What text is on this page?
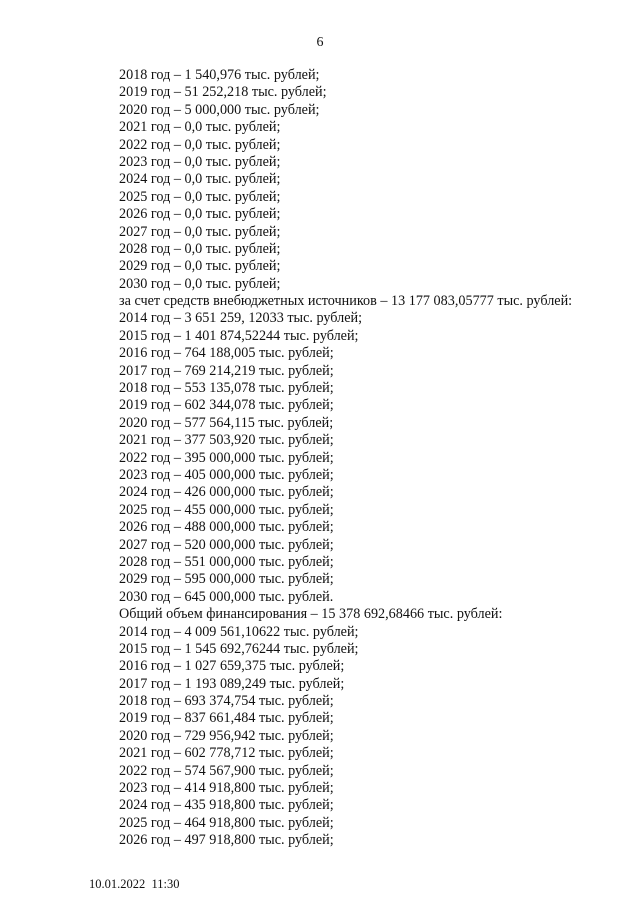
6
2018 год – 1 540,976 тыс. рублей;
2019 год – 51 252,218 тыс. рублей;
2020 год – 5 000,000 тыс. рублей;
2021 год – 0,0 тыс. рублей;
2022 год – 0,0 тыс. рублей;
2023 год – 0,0 тыс. рублей;
2024 год – 0,0 тыс. рублей;
2025 год – 0,0 тыс. рублей;
2026 год – 0,0 тыс. рублей;
2027 год – 0,0 тыс. рублей;
2028 год – 0,0 тыс. рублей;
2029 год – 0,0 тыс. рублей;
2030 год – 0,0 тыс. рублей;
за счет средств внебюджетных источников – 13 177 083,05777 тыс. рублей:
2014 год – 3 651 259, 12033 тыс. рублей;
2015 год – 1 401 874,52244 тыс. рублей;
2016 год – 764 188,005 тыс. рублей;
2017 год – 769 214,219 тыс. рублей;
2018 год – 553 135,078 тыс. рублей;
2019 год – 602 344,078 тыс. рублей;
2020 год – 577 564,115 тыс. рублей;
2021 год – 377 503,920 тыс. рублей;
2022 год – 395 000,000 тыс. рублей;
2023 год – 405 000,000 тыс. рублей;
2024 год – 426 000,000 тыс. рублей;
2025 год – 455 000,000 тыс. рублей;
2026 год – 488 000,000 тыс. рублей;
2027 год – 520 000,000 тыс. рублей;
2028 год – 551 000,000 тыс. рублей;
2029 год – 595 000,000 тыс. рублей;
2030 год – 645 000,000 тыс. рублей.
Общий объем финансирования – 15 378 692,68466 тыс. рублей:
2014 год – 4 009 561,10622 тыс. рублей;
2015 год – 1 545 692,76244 тыс. рублей;
2016 год – 1 027 659,375 тыс. рублей;
2017 год – 1 193 089,249 тыс. рублей;
2018 год – 693 374,754 тыс. рублей;
2019 год – 837 661,484 тыс. рублей;
2020 год – 729 956,942 тыс. рублей;
2021 год – 602 778,712 тыс. рублей;
2022 год – 574 567,900 тыс. рублей;
2023 год – 414 918,800 тыс. рублей;
2024 год – 435 918,800 тыс. рублей;
2025 год – 464 918,800 тыс. рублей;
2026 год – 497 918,800 тыс. рублей;
10.01.2022  11:30
